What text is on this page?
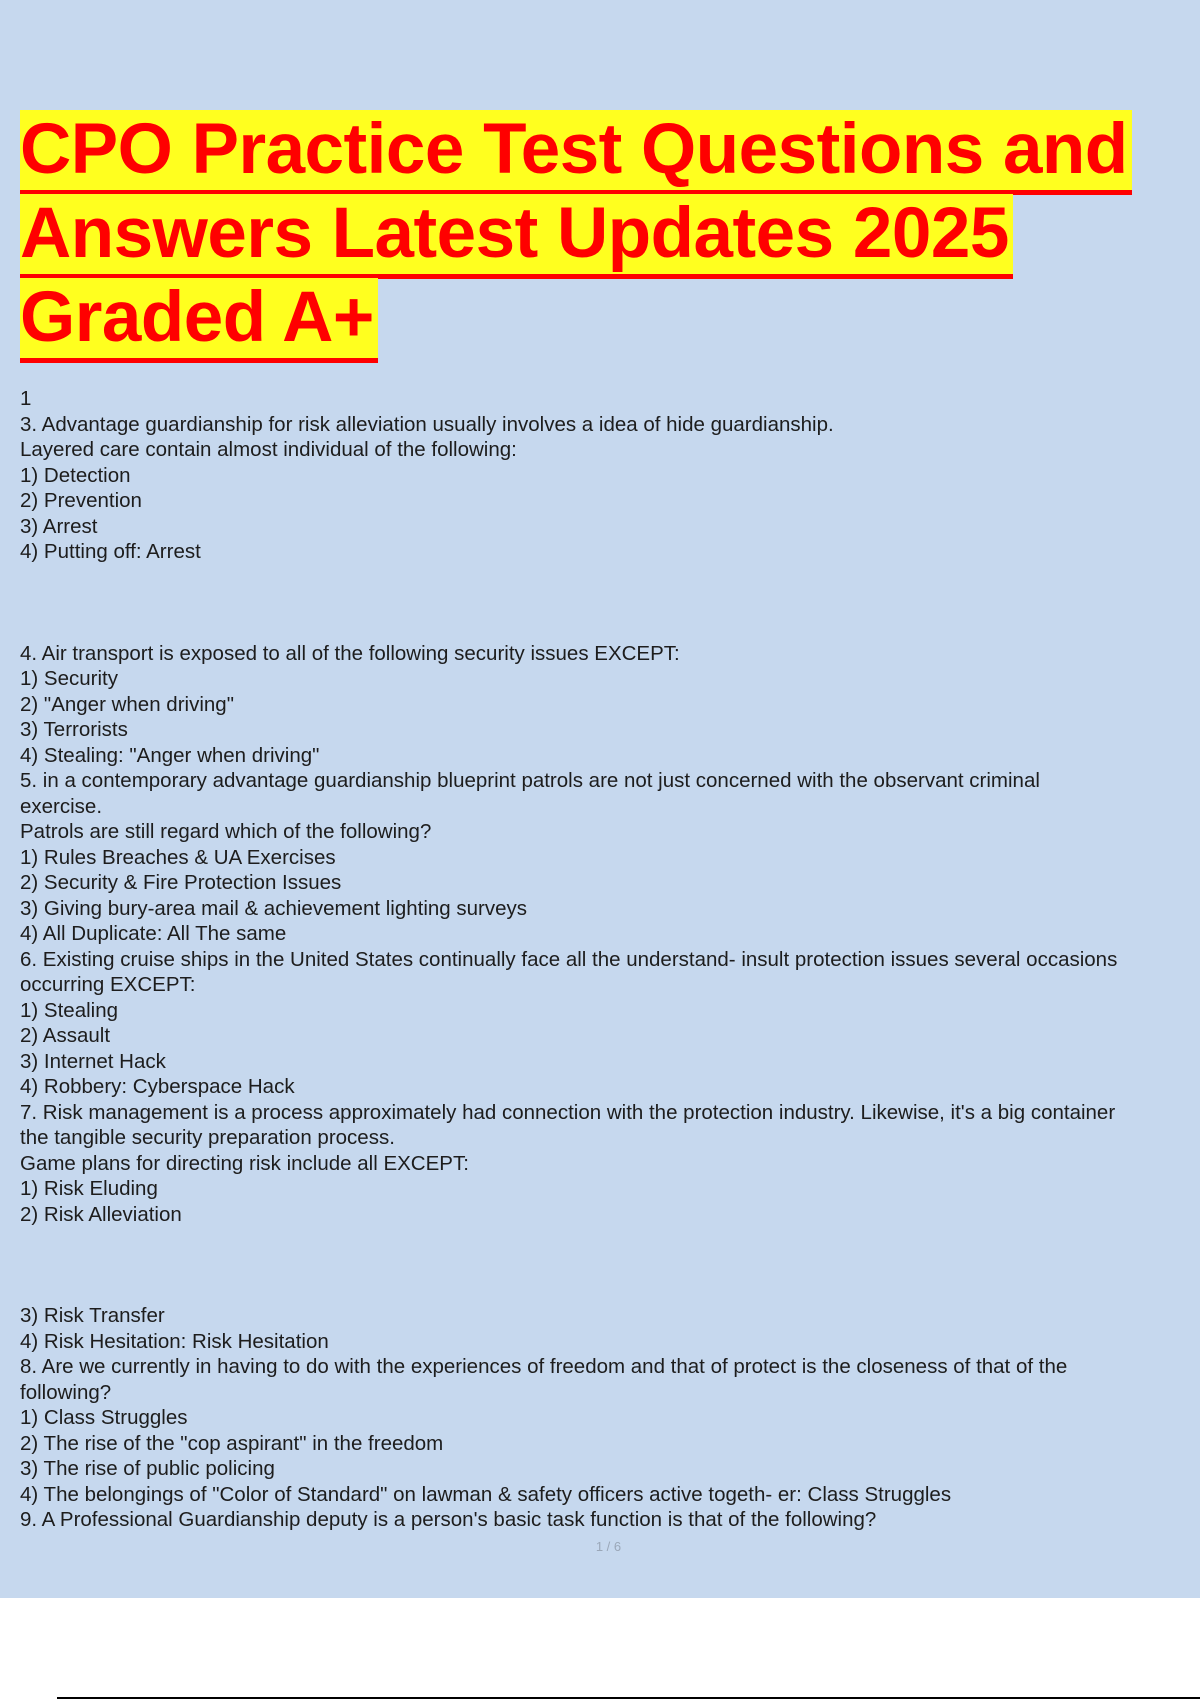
CPO Practice Test Questions and
Answers Latest Updates 2025
Graded A+
1
3. Advantage guardianship for risk alleviation usually involves a idea of hide guardianship.
Layered care contain almost individual of the following:
1) Detection
2) Prevention
3) Arrest
4) Putting off: Arrest
4. Air transport is exposed to all of the following security issues EXCEPT:
1) Security
2) "Anger when driving"
3) Terrorists
4) Stealing: "Anger when driving"
5. in a contemporary advantage guardianship blueprint patrols are not just concerned with the observant criminal
exercise.
Patrols are still regard which of the following?
1) Rules Breaches & UA Exercises
2) Security & Fire Protection Issues
3) Giving bury-area mail & achievement lighting surveys
4) All Duplicate: All The same
6. Existing cruise ships in the United States continually face all the understand- insult protection issues several occasions
occurring EXCEPT:
1) Stealing
2) Assault
3) Internet Hack
4) Robbery: Cyberspace Hack
7. Risk management is a process approximately had connection with the protection industry. Likewise, it's a big container
the tangible security preparation process.
Game plans for directing risk include all EXCEPT:
1) Risk Eluding
2) Risk Alleviation
3) Risk Transfer
4) Risk Hesitation: Risk Hesitation
8. Are we currently in having to do with the experiences of freedom and that of protect is the closeness of that of the
following?
1) Class Struggles
2) The rise of the "cop aspirant" in the freedom
3) The rise of public policing
4) The belongings of "Color of Standard" on lawman & safety officers active togeth- er: Class Struggles
9. A Professional Guardianship deputy is a person's basic task function is that of the following?
1 / 6
